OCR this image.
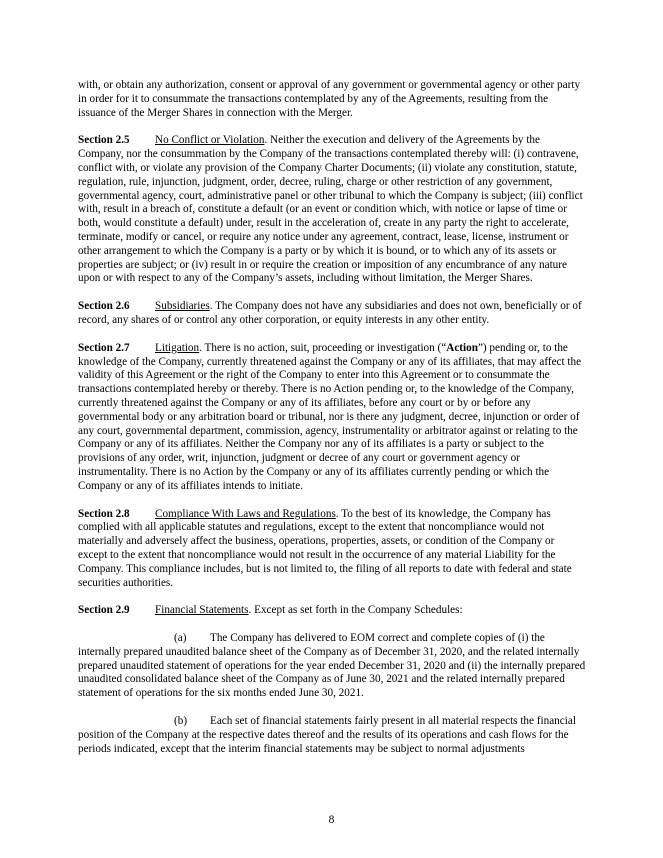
with, or obtain any authorization, consent or approval of any government or governmental agency or other party in order for it to consummate the transactions contemplated by any of the Agreements, resulting from the issuance of the Merger Shares in connection with the Merger.

Section 2.5 No Conflict or Violation. Neither the execution and delivery of the Agreements by the Company, nor the consummation by the Company of the transactions contemplated thereby will: (i) contravene, conflict with, or violate any provision of the Company Charter Documents; (ii) violate any constitution, statute, regulation, rule, injunction, judgment, order, decree, ruling, charge or other restriction of any government, governmental agency, court, administrative panel or other tribunal to which the Company is subject; (iii) conflict with, result in a breach of, constitute a default (or an event or condition which, with notice or lapse of time or both, would constitute a default) under, result in the acceleration of, create in any party the right to accelerate, terminate, modify or cancel, or require any notice under any agreement, contract, lease, license, instrument or other arrangement to which the Company is a party or by which it is bound, or to which any of its assets or properties are subject; or (iv) result in or require the creation or imposition of any encumbrance of any nature upon or with respect to any of the Company’s assets, including without limitation, the Merger Shares.

Section 2.6 Subsidiaries. The Company does not have any subsidiaries and does not own, beneficially or of record, any shares of or control any other corporation, or equity interests in any other entity.

Section 2.7 Litigation. There is no action, suit, proceeding or investigation (“Action”) pending or, to the knowledge of the Company, currently threatened against the Company or any of its affiliates, that may affect the validity of this Agreement or the right of the Company to enter into this Agreement or to consummate the transactions contemplated hereby or thereby. There is no Action pending or, to the knowledge of the Company, currently threatened against the Company or any of its affiliates, before any court or by or before any governmental body or any arbitration board or tribunal, nor is there any judgment, decree, injunction or order of any court, governmental department, commission, agency, instrumentality or arbitrator against or relating to the Company or any of its affiliates. Neither the Company nor any of its affiliates is a party or subject to the provisions of any order, writ, injunction, judgment or decree of any court or government agency or instrumentality. There is no Action by the Company or any of its affiliates currently pending or which the Company or any of its affiliates intends to initiate.

Section 2.8 Compliance With Laws and Regulations. To the best of its knowledge, the Company has complied with all applicable statutes and regulations, except to the extent that noncompliance would not materially and adversely affect the business, operations, properties, assets, or condition of the Company or except to the extent that noncompliance would not result in the occurrence of any material Liability for the Company. This compliance includes, but is not limited to, the filing of all reports to date with federal and state securities authorities.

Section 2.9 Financial Statements. Except as set forth in the Company Schedules:

(a) The Company has delivered to EOM correct and complete copies of (i) the internally prepared unaudited balance sheet of the Company as of December 31, 2020, and the related internally prepared unaudited statement of operations for the year ended December 31, 2020 and (ii) the internally prepared unaudited consolidated balance sheet of the Company as of June 30, 2021 and the related internally prepared statement of operations for the six months ended June 30, 2021.

(b) Each set of financial statements fairly present in all material respects the financial position of the Company at the respective dates thereof and the results of its operations and cash flows for the periods indicated, except that the interim financial statements may be subject to normal adjustments

8
